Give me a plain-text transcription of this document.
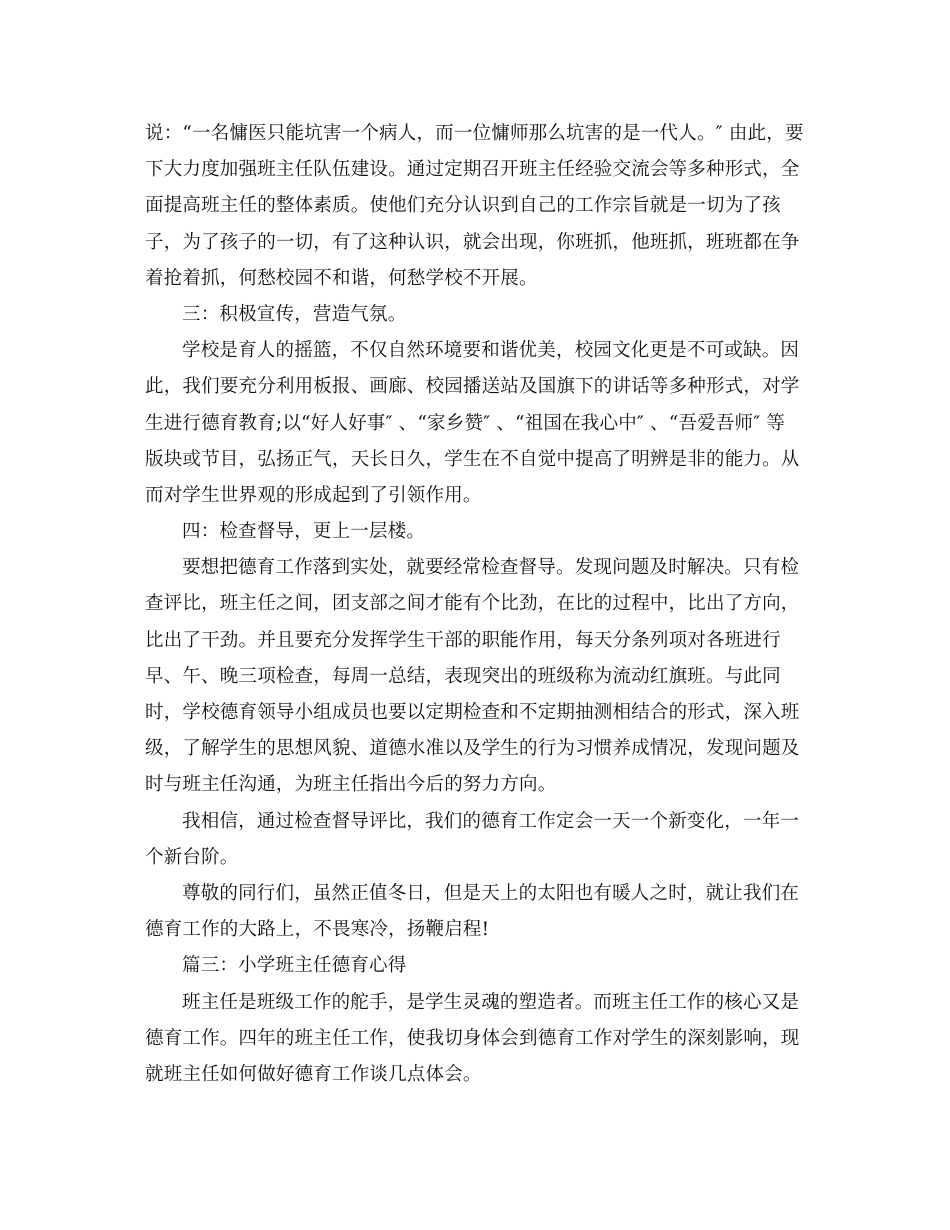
说：“一名慵医只能坑害一个病人，而一位慵师那么坑害的是一代人。″ 由此，要
下大力度加强班主任队伍建设。通过定期召开班主任经验交流会等多种形式，全
面提高班主任的整体素质。使他们充分认识到自己的工作宗旨就是一切为了孩
子，为了孩子的一切，有了这种认识，就会出现，你班抓，他班抓，班班都在争
着抢着抓，何愁校园不和谐，何愁学校不开展。
三：积极宣传，营造气氛。
学校是育人的摇篮，不仅自然环境要和谐优美，校园文化更是不可或缺。因
此，我们要充分利用板报、画廊、校园播送站及国旗下的讲话等多种形式，对学
生进行德育教育;以“好人好事″ 、“家乡赞″ 、“祖国在我心中″ 、“吾爱吾师″ 等
版块或节目，弘扬正气，天长日久，学生在不自觉中提高了明辨是非的能力。从
而对学生世界观的形成起到了引领作用。
四：检查督导，更上一层楼。
要想把德育工作落到实处，就要经常检查督导。发现问题及时解决。只有检
查评比，班主任之间，团支部之间才能有个比劲，在比的过程中，比出了方向，
比出了干劲。并且要充分发挥学生干部的职能作用，每天分条列项对各班进行
早、午、晚三项检查，每周一总结，表现突出的班级称为流动红旗班。与此同
时，学校德育领导小组成员也要以定期检查和不定期抽测相结合的形式，深入班
级，了解学生的思想风貌、道德水准以及学生的行为习惯养成情况，发现问题及
时与班主任沟通，为班主任指出今后的努力方向。
我相信，通过检查督导评比，我们的德育工作定会一天一个新变化，一年一
个新台阶。
尊敬的同行们，虽然正值冬日，但是天上的太阳也有暖人之时，就让我们在
德育工作的大路上，不畏寒冷，扬鞭启程!
篇三：小学班主任德育心得
班主任是班级工作的舵手，是学生灵魂的塑造者。而班主任工作的核心又是
德育工作。四年的班主任工作，使我切身体会到德育工作对学生的深刻影响，现
就班主任如何做好德育工作谈几点体会。
